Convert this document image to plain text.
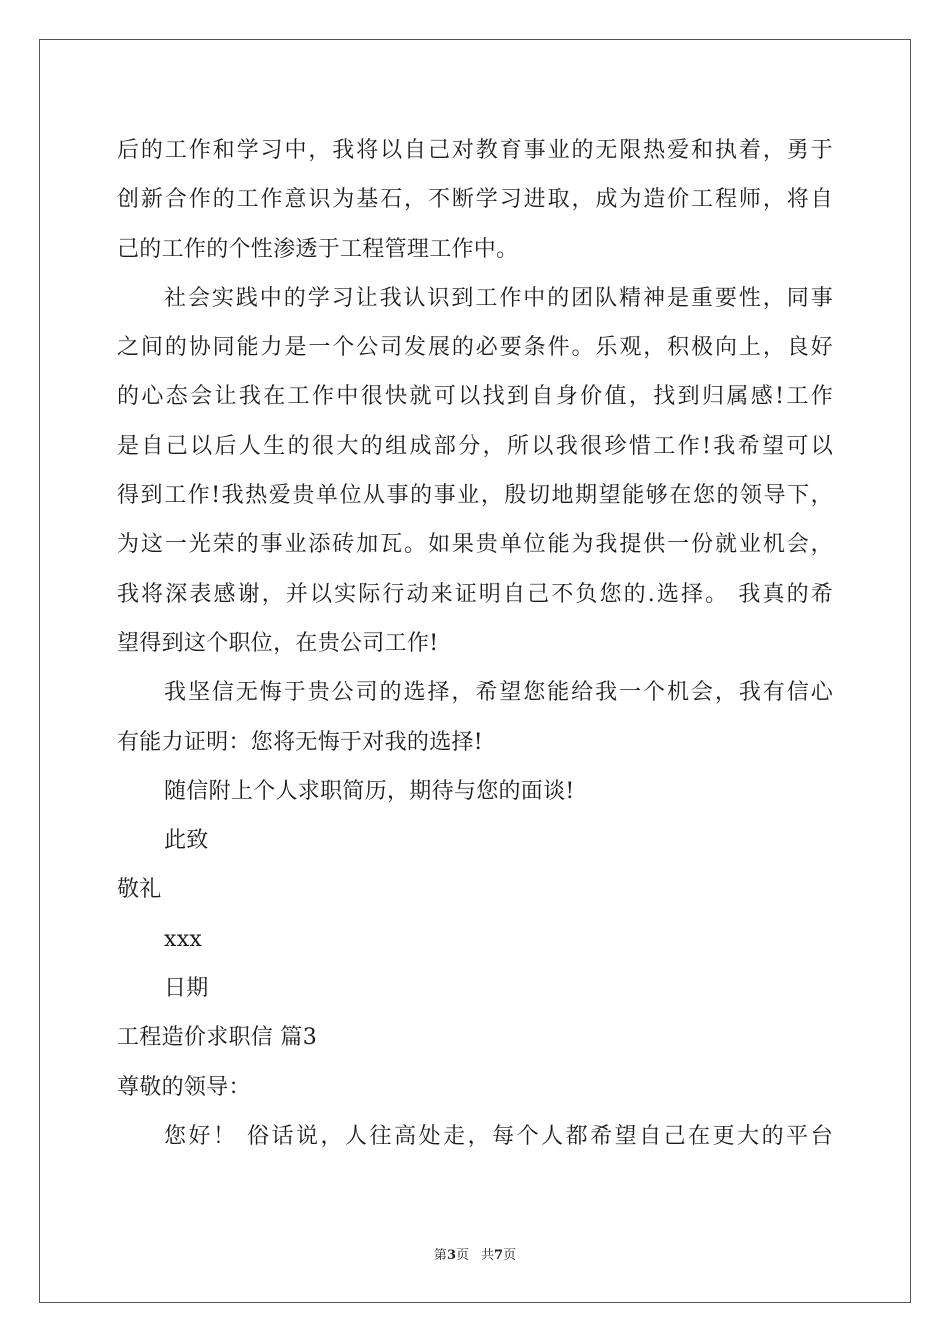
后的工作和学习中，我将以自己对教育事业的无限热爱和执着，勇于
创新合作的工作意识为基石，不断学习进取，成为造价工程师，将自
己的工作的个性渗透于工程管理工作中。
社会实践中的学习让我认识到工作中的团队精神是重要性，同事
之间的协同能力是一个公司发展的必要条件。乐观，积极向上，良好
的心态会让我在工作中很快就可以找到自身价值，找到归属感!工作
是自己以后人生的很大的组成部分，所以我很珍惜工作!我希望可以
得到工作!我热爱贵单位从事的事业，殷切地期望能够在您的领导下，
为这一光荣的事业添砖加瓦。如果贵单位能为我提供一份就业机会，
我将深表感谢，并以实际行动来证明自己不负您的.选择。 我真的希
望得到这个职位，在贵公司工作!
我坚信无悔于贵公司的选择，希望您能给我一个机会，我有信心
有能力证明：您将无悔于对我的选择!
随信附上个人求职简历，期待与您的面谈!
此致
敬礼
xxx
日期
工程造价求职信 篇3
尊敬的领导：
您好！ 俗话说，人往高处走，每个人都希望自己在更大的平台
第3页 共7页
